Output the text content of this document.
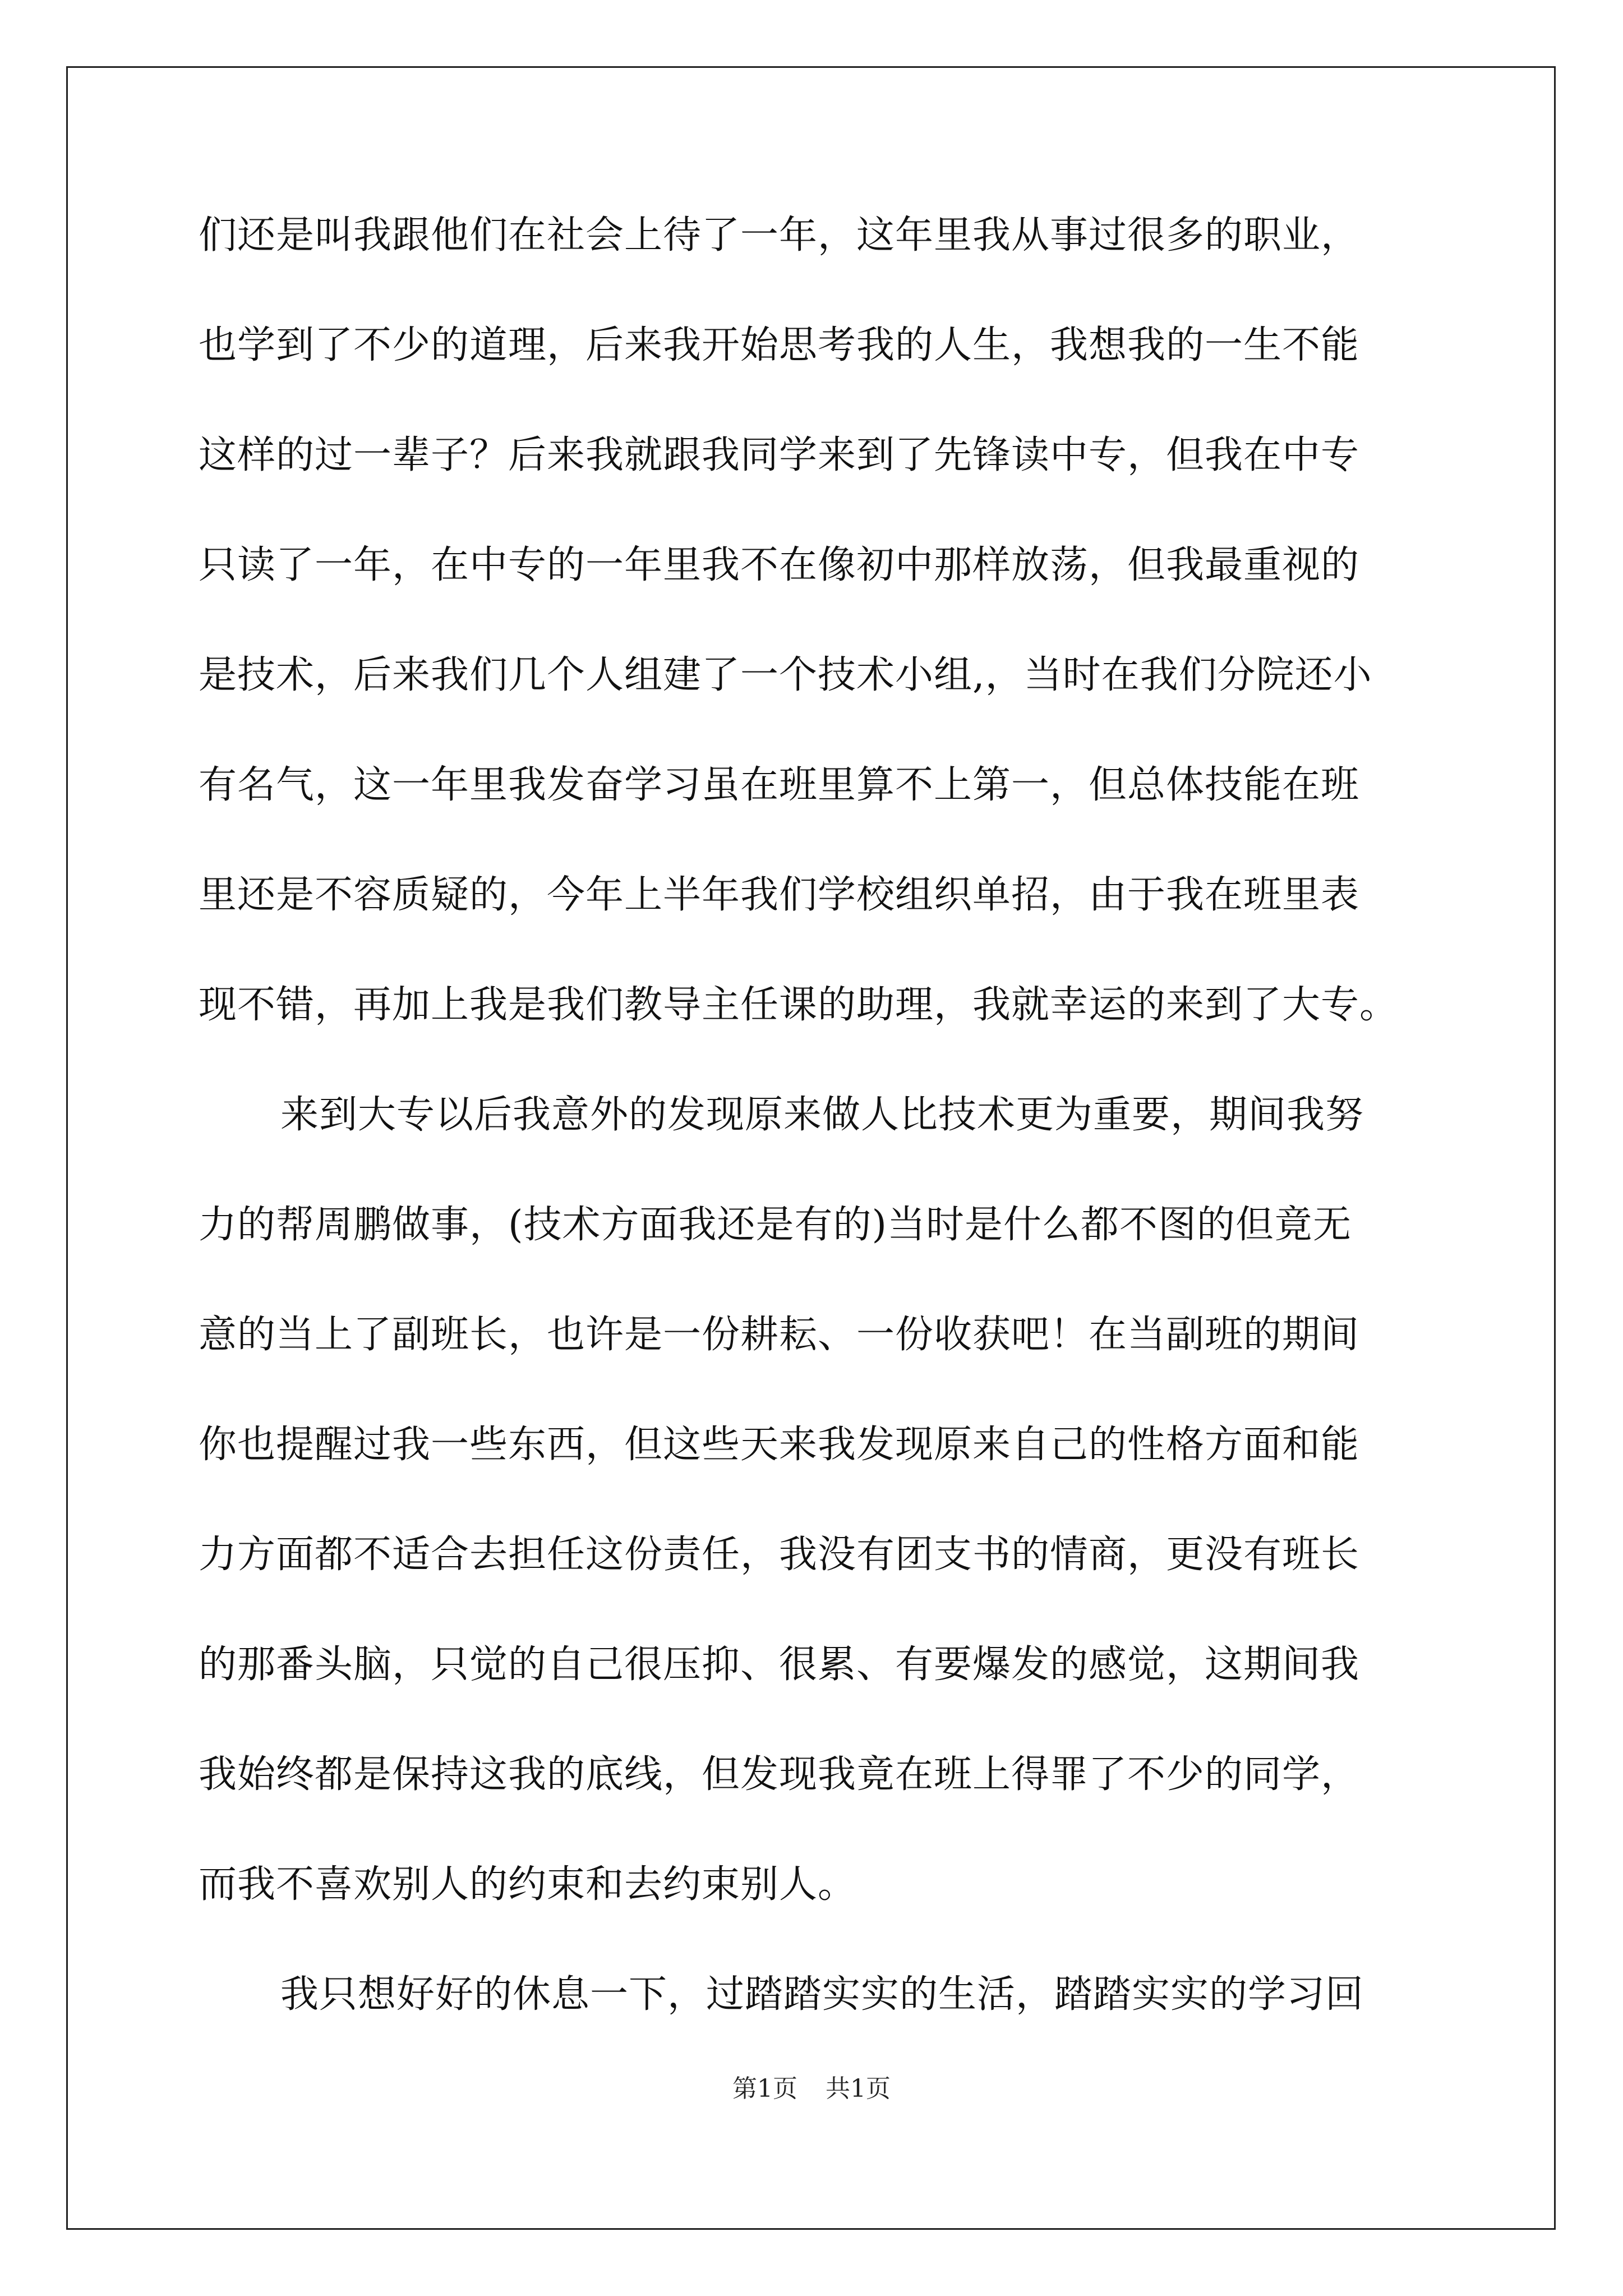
们还是叫我跟他们在社会上待了一年，这年里我从事过很多的职业，
也学到了不少的道理，后来我开始思考我的人生，我想我的一生不能
这样的过一辈子？后来我就跟我同学来到了先锋读中专，但我在中专
只读了一年，在中专的一年里我不在像初中那样放荡，但我最重视的
是技术，后来我们几个人组建了一个技术小组,，当时在我们分院还小
有名气，这一年里我发奋学习虽在班里算不上第一，但总体技能在班
里还是不容质疑的，今年上半年我们学校组织单招，由于我在班里表
现不错，再加上我是我们教导主任课的助理，我就幸运的来到了大专。
来到大专以后我意外的发现原来做人比技术更为重要，期间我努
力的帮周鹏做事，(技术方面我还是有的)当时是什么都不图的但竟无
意的当上了副班长，也许是一份耕耘、一份收获吧！在当副班的期间
你也提醒过我一些东西，但这些天来我发现原来自己的性格方面和能
力方面都不适合去担任这份责任，我没有团支书的情商，更没有班长
的那番头脑，只觉的自己很压抑、很累、有要爆发的感觉，这期间我
我始终都是保持这我的底线，但发现我竟在班上得罪了不少的同学，
而我不喜欢别人的约束和去约束别人。
我只想好好的休息一下，过踏踏实实的生活，踏踏实实的学习回
第1页 共1页
